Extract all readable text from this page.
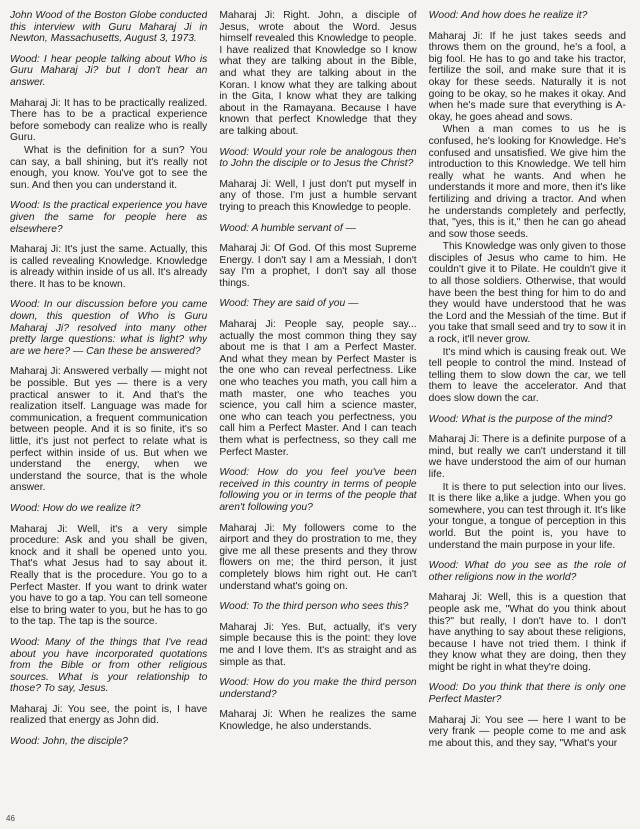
John Wood of the Boston Globe conducted this interview with Guru Maharaj Ji in Newton, Massachusetts, August 3, 1973.

Wood: I hear people talking about Who is Guru Maharaj Ji? but I don't hear an answer.

Maharaj Ji: It has to be practically realized. There has to be a practical experience before somebody can realize who is really Guru.

What is the definition for a sun? You can say, a ball shining, but it's really not enough, you know. You've got to see the sun. And then you can understand it.

Wood: Is the practical experience you have given the same for people here as elsewhere?

Maharaj Ji: It's just the same. Actually, this is called revealing Knowledge. Knowledge is already within inside of us all. It's already there. It has to be known.

Wood: In our discussion before you came down, this question of Who is Guru Maharaj Ji? resolved into many other pretty large questions: what is light? why are we here? — Can these be answered?

Maharaj Ji: Answered verbally — might not be possible. But yes — there is a very practical answer to it. And that's the realization itself. Language was made for communication, a frequent communication between people. And it is so finite, it's so little, it's just not perfect to relate what is perfect within inside of us. But when we understand the energy, when we understand the source, that is the whole answer.

Wood: How do we realize it?

Maharaj Ji: Well, it's a very simple procedure: Ask and you shall be given, knock and it shall be opened unto you. That's what Jesus had to say about it. Really that is the procedure. You go to a Perfect Master. If you want to drink water you have to go a tap. You can tell someone else to bring water to you, but he has to go to the tap. The tap is the source.

Wood: Many of the things that I've read about you have incorporated quotations from the Bible or from other religious sources. What is your relationship to those? To say, Jesus.

Maharaj Ji: You see, the point is, I have realized that energy as John did.

Wood: John, the disciple?

Maharaj Ji: Right. John, a disciple of Jesus, wrote about the Word. Jesus himself revealed this Knowledge to people. I have realized that Knowledge so I know what they are talking about in the Bible, and what they are talking about in the Koran. I know what they are talking about in the Gita, I know what they are talking about in the Ramayana. Because I have known that perfect Knowledge that they are talking about.

Wood: Would your role be analogous then to John the disciple or to Jesus the Christ?

Maharaj Ji: Well, I just don't put myself in any of those. I'm just a humble servant trying to preach this Knowledge to people.

Wood: A humble servant of —

Maharaj Ji: Of God. Of this most Supreme Energy. I don't say I am a Messiah, I don't say I'm a prophet, I don't say all those things.

Wood: They are said of you —

Maharaj Ji: People say, people say... actually the most common thing they say about me is that I am a Perfect Master. And what they mean by Perfect Master is the one who can reveal perfectness. Like one who teaches you math, you call him a math master, one who teaches you science, you call him a science master, one who can teach you perfectness, you call him a Perfect Master. And I can teach them what is perfectness, so they call me Perfect Master.

Wood: How do you feel you've been received in this country in terms of people following you or in terms of the people that aren't following you?

Maharaj Ji: My followers come to the airport and they do prostration to me, they give me all these presents and they throw flowers on me; the third person, it just completely blows him right out. He can't understand what's going on.

Wood: To the third person who sees this?

Maharaj Ji: Yes. But, actually, it's very simple because this is the point: they love me and I love them. It's as straight and as simple as that.

Wood: How do you make the third person understand?

Maharaj Ji: When he realizes the same Knowledge, he also understands.

Wood: And how does he realize it?

Maharaj Ji: If he just takes seeds and throws them on the ground, he's a fool, a big fool. He has to go and take his tractor, fertilize the soil, and make sure that it is okay for these seeds. Naturally it is not going to be okay, so he makes it okay. And when he's made sure that everything is A-okay, he goes ahead and sows.

When a man comes to us he is confused, he's looking for Knowledge. He's confused and unsatisfied. We give him the introduction to this Knowledge. We tell him really what he wants. And when he understands it more and more, then it's like fertilizing and driving a tractor. And when he understands completely and perfectly, that, "yes, this is it," then he can go ahead and sow those seeds.

This Knowledge was only given to those disciples of Jesus who came to him. He couldn't give it to Pilate. He couldn't give it to all those soldiers. Otherwise, that would have been the best thing for him to do and they would have understood that he was the Lord and the Messiah of the time. But if you take that small seed and try to sow it in a rock, it'll never grow.

It's mind which is causing freak out. We tell people to control the mind. Instead of telling them to slow down the car, we tell them to leave the accelerator. And that does slow down the car.

Wood: What is the purpose of the mind?

Maharaj Ji: There is a definite purpose of a mind, but really we can't understand it till we have understood the aim of our human life.

It is there to put selection into our lives. It is there like a,like a judge. When you go somewhere, you can test through it. It's like your tongue, a tongue of perception in this world. But the point is, you have to understand the main purpose in your life.

Wood: What do you see as the role of other religions now in the world?

Maharaj Ji: Well, this is a question that people ask me, "What do you think about this?" but really, I don't have to. I don't have anything to say about these religions, because I have not tried them. I think if they know what they are doing, then they might be right in what they're doing.

Wood: Do you think that there is only one Perfect Master?

Maharaj Ji: You see — here I want to be very frank — people come to me and ask me about this, and they say, "What's your

46
